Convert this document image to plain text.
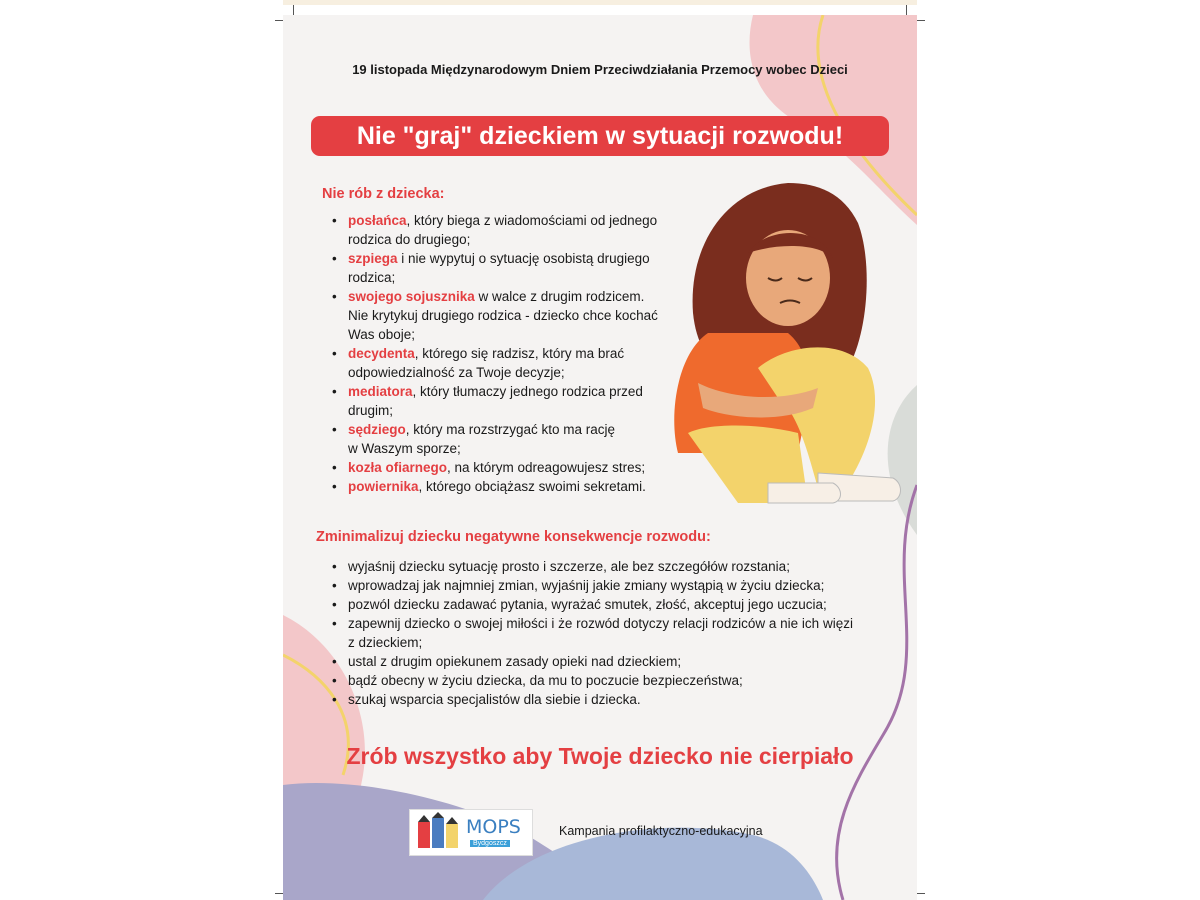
19 listopada Międzynarodowym Dniem Przeciwdziałania Przemocy wobec Dzieci
Nie "graj" dzieckiem w sytuacji rozwodu!
Nie rób z dziecka:
• posłańca, który biega z wiadomościami od jednego
rodzica do drugiego;
• szpiega i nie wypytuj o sytuację osobistą drugiego
rodzica;
• swojego sojusznika w walce z drugim rodzicem.
Nie krytykuj drugiego rodzica - dziecko chce kochać
Was oboje;
• decydenta, którego się radzisz, który ma brać
odpowiedzialność za Twoje decyzje;
• mediatora, który tłumaczy jednego rodzica przed
drugim;
• sędziego, który ma rozstrzygać kto ma rację
w Waszym sporze;
• kozła ofiarnego, na którym odreagowujesz stres;
• powiernika, którego obciążasz swoimi sekretami.
Zminimalizuj dziecku negatywne konsekwencje rozwodu:
• wyjaśnij dziecku sytuację prosto i szczerze, ale bez szczegółów rozstania;
• wprowadzaj jak najmniej zmian, wyjaśnij jakie zmiany wystąpią w życiu dziecka;
• pozwól dziecku zadawać pytania, wyrażać smutek, złość, akceptuj jego uczucia;
• zapewnij dziecko o swojej miłości i że rozwód dotyczy relacji rodziców a nie ich więzi
z dzieckiem;
• ustal z drugim opiekunem zasady opieki nad dzieckiem;
• bądź obecny w życiu dziecka, da mu to poczucie bezpieczeństwa;
• szukaj wsparcia specjalistów dla siebie i dziecka.
Zrób wszystko aby Twoje dziecko nie cierpiało
MOPS
Bydgoszcz
Kampania profilaktyczno-edukacyjna
